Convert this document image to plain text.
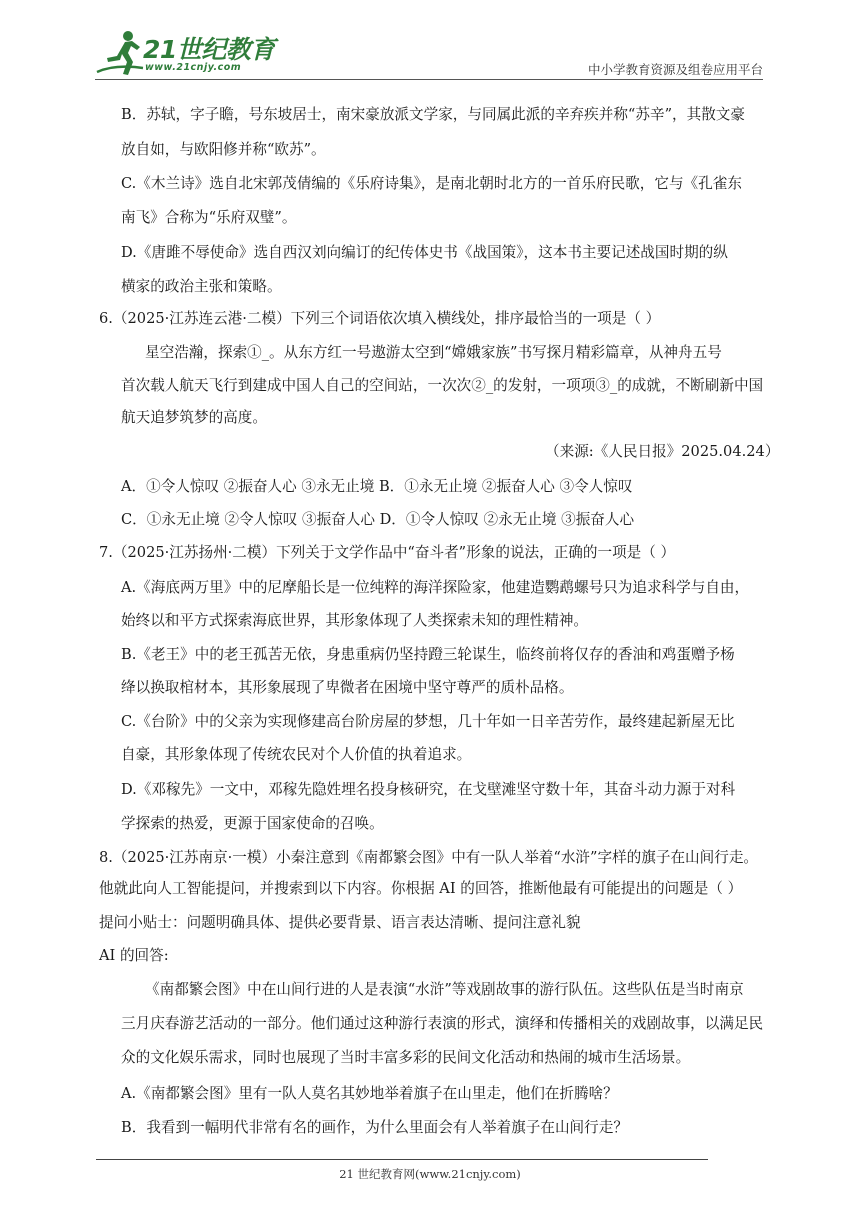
21世纪教育
www.21cnjy.com	中小学教育资源及组卷应用平台
B．苏轼，字子瞻，号东坡居士，南宋豪放派文学家，与同属此派的辛弃疾并称“苏辛”，其散文豪
放自如，与欧阳修并称“欧苏”。
C.《木兰诗》选自北宋郭茂倩编的《乐府诗集》，是南北朝时北方的一首乐府民歌，它与《孔雀东
南飞》合称为“乐府双璧”。
D.《唐雎不辱使命》选自西汉刘向编订的纪传体史书《战国策》，这本书主要记述战国时期的纵
横家的政治主张和策略。
6.（2025·江苏连云港·二模）下列三个词语依次填入横线处，排序最恰当的一项是（ ）
星空浩瀚，探索①_。从东方红一号遨游太空到“嫦娥家族”书写探月精彩篇章，从神舟五号
首次载人航天飞行到建成中国人自己的空间站，一次次②_的发射，一项项③_的成就，不断刷新中国
航天追梦筑梦的高度。
（来源:《人民日报》2025.04.24）
A．①令人惊叹 ②振奋人心 ③永无止境 B．①永无止境 ②振奋人心 ③令人惊叹
C．①永无止境 ②令人惊叹 ③振奋人心 D．①令人惊叹 ②永无止境 ③振奋人心
7.（2025·江苏扬州·二模）下列关于文学作品中“奋斗者”形象的说法，正确的一项是（ ）
A.《海底两万里》中的尼摩船长是一位纯粹的海洋探险家，他建造鹦鹉螺号只为追求科学与自由，
始终以和平方式探索海底世界，其形象体现了人类探索未知的理性精神。
B.《老王》中的老王孤苦无依，身患重病仍坚持蹬三轮谋生，临终前将仅存的香油和鸡蛋赠予杨
绛以换取棺材本，其形象展现了卑微者在困境中坚守尊严的质朴品格。
C.《台阶》中的父亲为实现修建高台阶房屋的梦想，几十年如一日辛苦劳作，最终建起新屋无比
自豪，其形象体现了传统农民对个人价值的执着追求。
D.《邓稼先》一文中，邓稼先隐姓埋名投身核研究，在戈壁滩坚守数十年，其奋斗动力源于对科
学探索的热爱，更源于国家使命的召唤。
8.（2025·江苏南京·一模）小秦注意到《南都繁会图》中有一队人举着“水浒”字样的旗子在山间行走。
他就此向人工智能提问，并搜索到以下内容。你根据 AI 的回答，推断他最有可能提出的问题是（ ）
提问小贴士：问题明确具体、提供必要背景、语言表达清晰、提问注意礼貌
AI 的回答:
《南都繁会图》中在山间行进的人是表演“水浒”等戏剧故事的游行队伍。这些队伍是当时南京
三月庆春游艺活动的一部分。他们通过这种游行表演的形式，演绎和传播相关的戏剧故事，以满足民
众的文化娱乐需求，同时也展现了当时丰富多彩的民间文化活动和热闹的城市生活场景。
A.《南都繁会图》里有一队人莫名其妙地举着旗子在山里走，他们在折腾啥？
B．我看到一幅明代非常有名的画作，为什么里面会有人举着旗子在山间行走？
21 世纪教育网(www.21cnjy.com)
